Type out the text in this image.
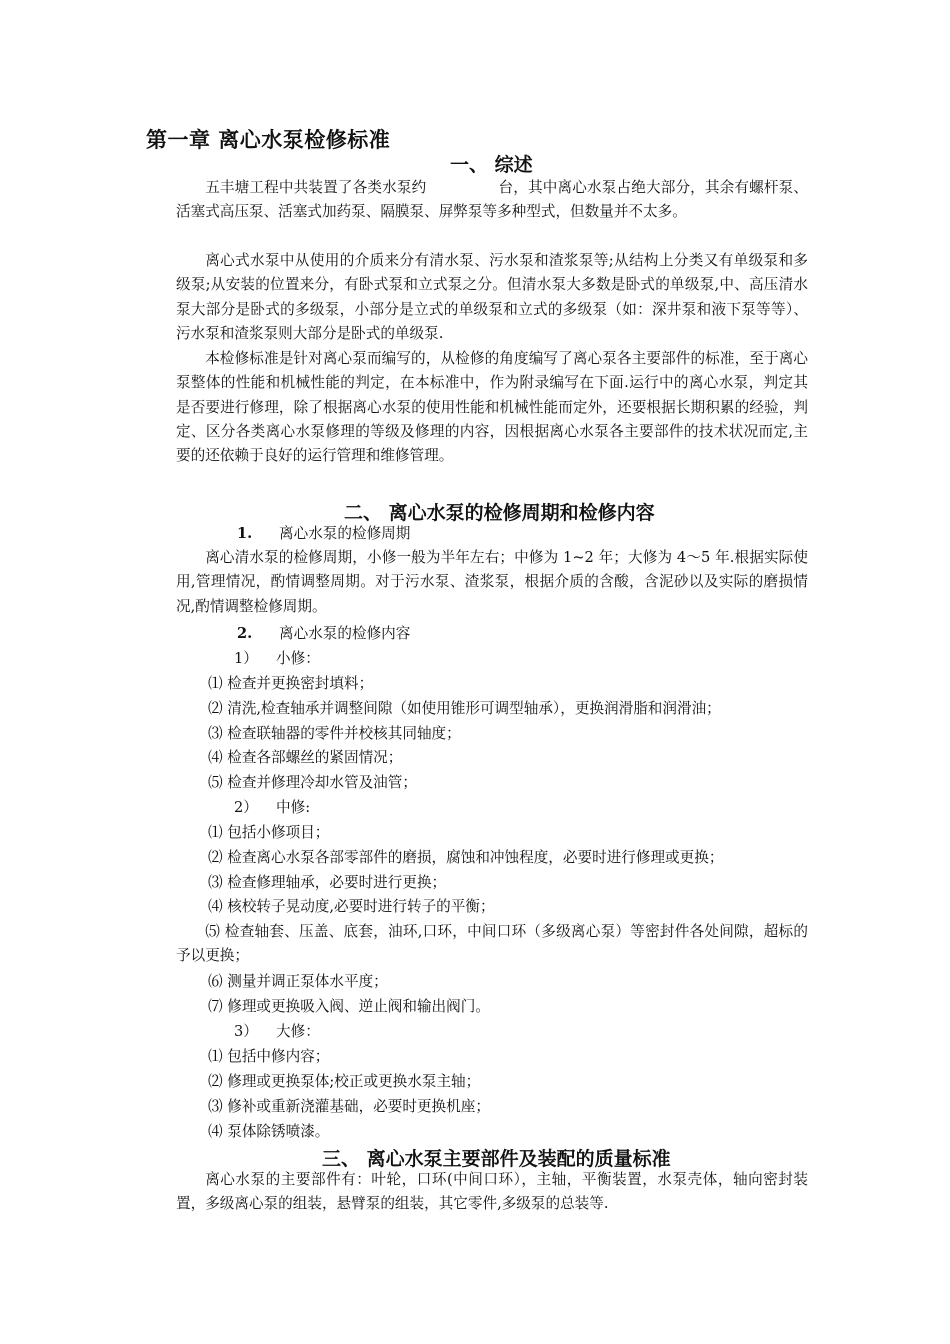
第一章 离心水泵检修标准
一、 综述

五丰塘工程中共装置了各类水泵约	台，其中离心水泵占绝大部分，其余有螺杆泵、活塞式高压泵、活塞式加药泵、隔膜泵、屏弊泵等多种型式，但数量并不太多。

离心式水泵中从使用的介质来分有清水泵、污水泵和渣浆泵等;从结构上分类又有单级泵和多级泵;从安装的位置来分，有卧式泵和立式泵之分。但清水泵大多数是卧式的单级泵,中、高压清水泵大部分是卧式的多级泵，小部分是立式的单级泵和立式的多级泵（如：深井泵和液下泵等等）、污水泵和渣浆泵则大部分是卧式的单级泵.

本检修标准是针对离心泵而编写的，从检修的角度编写了离心泵各主要部件的标准，至于离心泵整体的性能和机械性能的判定，在本标准中，作为附录编写在下面.运行中的离心水泵，判定其是否要进行修理，除了根据离心水泵的使用性能和机械性能而定外，还要根据长期积累的经验，判定、区分各类离心水泵修理的等级及修理的内容，因根据离心水泵各主要部件的技术状况而定,主要的还依赖于良好的运行管理和维修管理。

二、 离心水泵的检修周期和检修内容
1. 离心水泵的检修周期

离心清水泵的检修周期，小修一般为半年左右；中修为 1~2 年；大修为 4～5 年.根据实际使用,管理情况，酌情调整周期。对于污水泵、渣浆泵，根据介质的含酸，含泥砂以及实际的磨损情况,酌情调整检修周期。

2. 离心水泵的检修内容
1） 小修：
⑴ 检查并更换密封填料；
⑵ 清洗,检查轴承并调整间隙（如使用锥形可调型轴承），更换润滑脂和润滑油；
⑶ 检查联轴器的零件并校核其同轴度；
⑷ 检查各部螺丝的紧固情况；
⑸ 检查并修理冷却水管及油管；
2） 中修:
⑴ 包括小修项目；
⑵ 检查离心水泵各部零部件的磨损，腐蚀和冲蚀程度，必要时进行修理或更换；
⑶ 检查修理轴承，必要时进行更换；
⑷ 核校转子晃动度,必要时进行转子的平衡；

⑸ 检查轴套、压盖、底套，油环,口环，中间口环（多级离心泵）等密封件各处间隙，超标的予以更换；

⑹ 测量并调正泵体水平度；
⑺ 修理或更换吸入阀、逆止阀和输出阀门。
3） 大修：
⑴ 包括中修内容；
⑵ 修理或更换泵体;校正或更换水泵主轴；
⑶ 修补或重新浇灌基础，必要时更换机座；
⑷ 泵体除锈喷漆。
三、 离心水泵主要部件及装配的质量标准

离心水泵的主要部件有：叶轮，口环(中间口环），主轴，平衡装置，水泵壳体，轴向密封装置，多级离心泵的组装，悬臂泵的组装，其它零件,多级泵的总装等.
